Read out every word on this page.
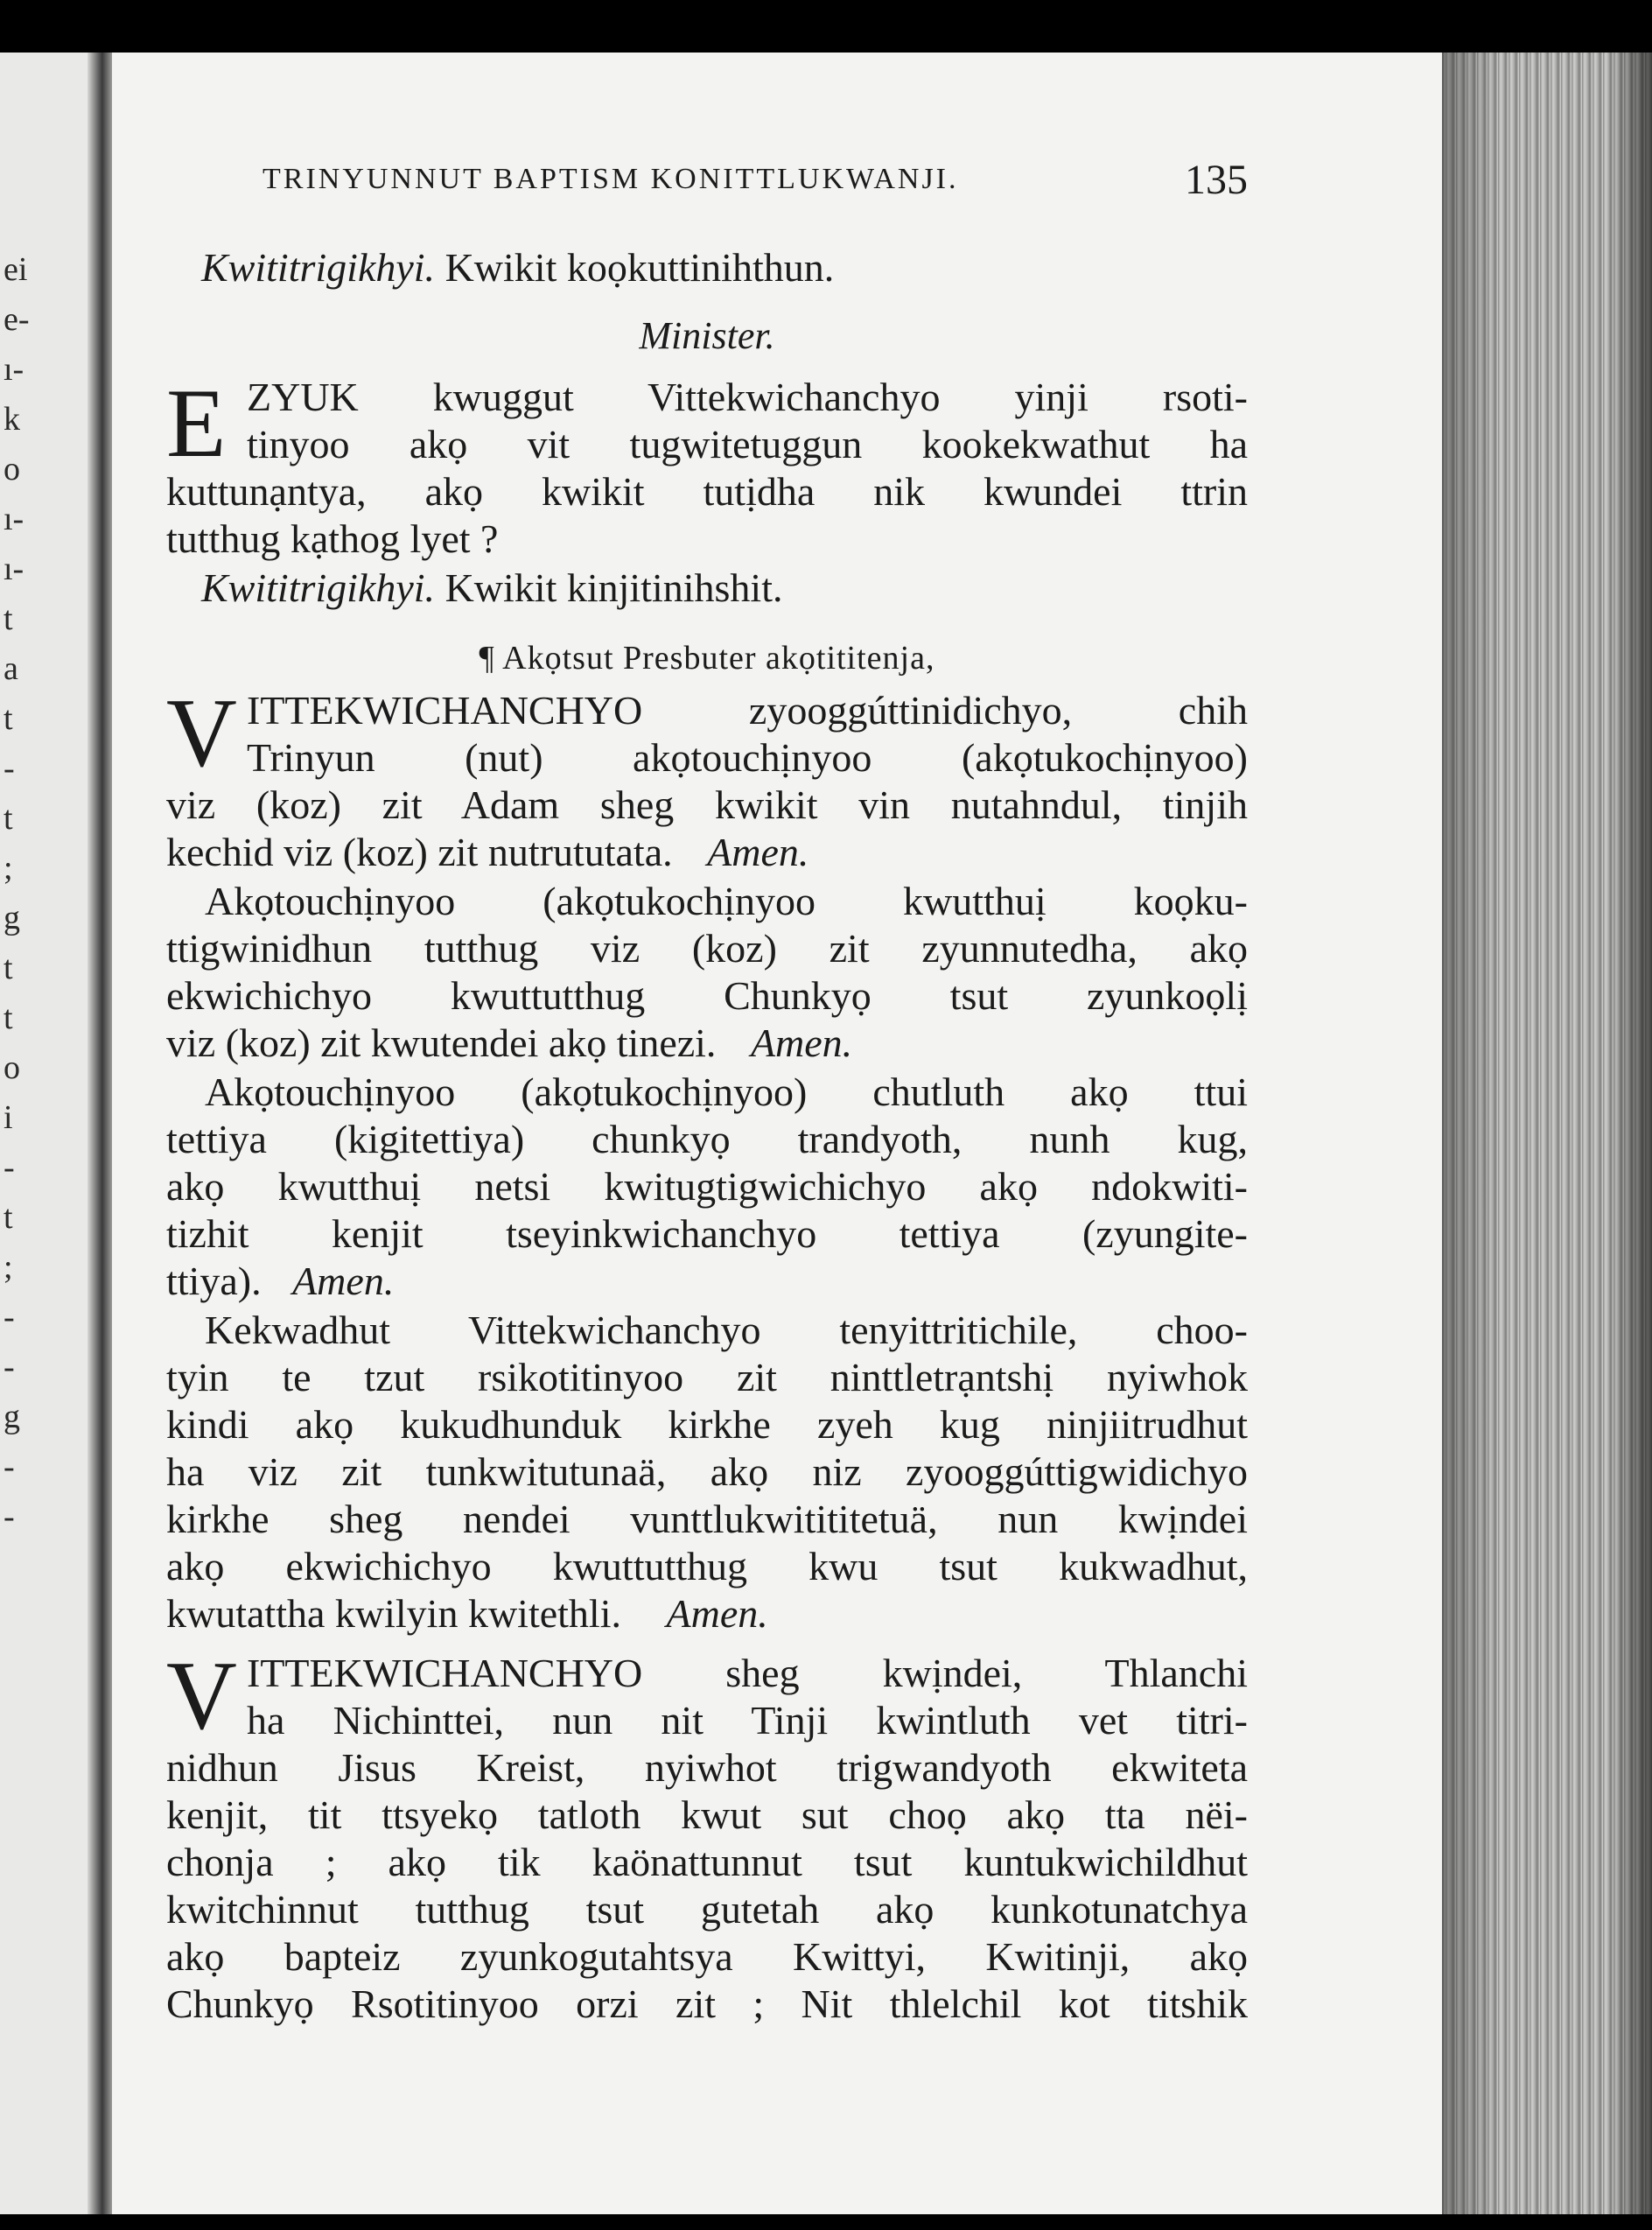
ei
e-
ı-
k
o
ı-
ı-
t
a
t
-
t
;
g
t
t
o
i
-
t
;
-
-
g
-
-
TRINYUNNUT BAPTISM KONITTLUKWANJI.	135
Kwititrigikhyi. Kwikit koọkuttinihthun.
Minister.
E ZYUK kwuggut Vittekwichanchyo yinji rsoti-
tinyoo akọ vit tugwitetuggun kookekwathut ha
kuttunạntya, akọ kwikit tutịdha nik kwundei ttrin
tutthug kạthog lyet ?
Kwititrigikhyi. Kwikit kinjitinihshit.
¶ Akọtsut Presbuter akọtititenja,
V ITTEKWICHANCHYO zyooggúttinidichyo, chih
Trinyun (nut) akọtouchịnyoo (akọtukochịnyoo)
viz (koz) zit Adam sheg kwikit vin nutahndul, tinjih
kechid viz (koz) zit nutrututata. Amen.
Akọtouchịnyoo (akọtukochịnyoo kwutthuị koọku-
ttigwinidhun tutthug viz (koz) zit zyunnutedha, akọ
ekwichichyo kwuttutthug Chunkyọ tsut zyunkoọlị
viz (koz) zit kwutendei akọ tinezi. Amen.
Akọtouchịnyoo (akọtukochịnyoo) chutluth akọ ttui
tettiya (kigitettiya) chunkyọ trandyoth, nunh kug,
akọ kwutthuị netsi kwitugtigwichichyo akọ ndokwiti-
tizhit kenjit tseyinkwichanchyo tettiya (zyungite-
ttiya). Amen.
Kekwadhut Vittekwichanchyo tenyittritichile, choo-
tyin te tzut rsikotitinyoo zit ninttletrạntshị nyiwhok
kindi akọ kukudhunduk kirkhe zyeh kug ninjiitrudhut
ha viz zit tunkwitutunaä, akọ niz zyooggúttigwidichyo
kirkhe sheg nendei vunttlukwitititetuä, nun kwịndei
akọ ekwichichyo kwuttutthug kwu tsut kukwadhut,
kwutattha kwilyin kwitethli. Amen.
V ITTEKWICHANCHYO sheg kwịndei, Thlanchi
ha Nichinttei, nun nit Tinji kwintluth vet titri-
nidhun Jisus Kreist, nyiwhot trigwandyoth ekwiteta
kenjit, tit ttsyekọ tatloth kwut sut choọ akọ tta nëi-
chonja ; akọ tik kaönattunnut tsut kuntukwichildhut
kwitchinnut tutthug tsut gutetah akọ kunkotunatchya
akọ bapteiz zyunkogutahtsya Kwittyi, Kwitinji, akọ
Chunkyọ Rsotitinyoo orzi zit ; Nit thlelchil kot titshik
